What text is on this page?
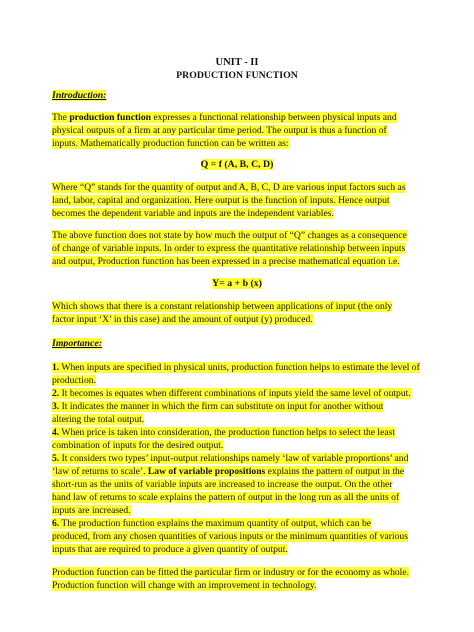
UNIT - II
PRODUCTION FUNCTION
Introduction:
The production function expresses a functional relationship between physical inputs and
physical outputs of a firm at any particular time period. The output is thus a function of
inputs. Mathematically production function can be written as:
Q = f (A, B, C, D)
Where “Q” stands for the quantity of output and A, B, C, D are various input factors such as
land, labor, capital and organization. Here output is the function of inputs. Hence output
becomes the dependent variable and inputs are the independent variables.
The above function does not state by how much the output of “Q” changes as a consequence
of change of variable inputs. In order to express the quantitative relationship between inputs
and output, Production function has been expressed in a precise mathematical equation i.e.
Y= a + b (x)
Which shows that there is a constant relationship between applications of input (the only
factor input ‘X’ in this case) and the amount of output (y) produced.
Importance:
1. When inputs are specified in physical units, production function helps to estimate the level of
production.
2. It becomes is equates when different combinations of inputs yield the same level of output.
3. It indicates the manner in which the firm can substitute on input for another without
altering the total output.
4. When price is taken into consideration, the production function helps to select the least
combination of inputs for the desired output.
5. It considers two types’ input-output relationships namely ‘law of variable proportions’ and
‘law of returns to scale’. Law of variable propositions explains the pattern of output in the
short-run as the units of variable inputs are increased to increase the output. On the other
hand law of returns to scale explains the pattern of output in the long run as all the units of
inputs are increased.
6. The production function explains the maximum quantity of output, which can be
produced, from any chosen quantities of various inputs or the minimum quantities of various
inputs that are required to produce a given quantity of output.
Production function can be fitted the particular firm or industry or for the economy as whole.
Production function will change with an improvement in technology.
